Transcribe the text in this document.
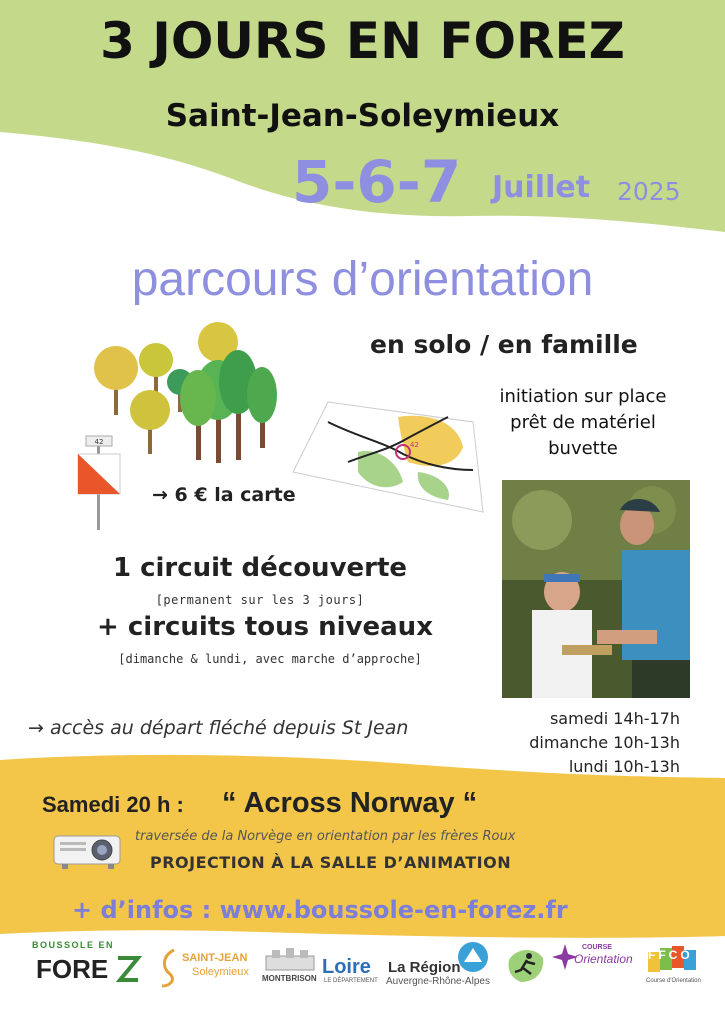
3 JOURS EN FOREZ
Saint-Jean-Soleymieux
5-6-7 Juillet 2025
parcours d’orientation
en solo / en famille
42	42
initiation sur place
prêt de matériel
buvette
→ 6 € la carte
1 circuit découverte
[permanent sur les 3 jours]
+ circuits tous niveaux
[dimanche & lundi, avec marche d’approche]
→ accès au départ fléché depuis St Jean	samedi 14h-17h
dimanche 10h-13h
lundi 10h-13h
Samedi 20 h : “ Across Norway “
traversée de la Norvège en orientation par les frères Roux
PROJECTION À LA SALLE D’ANIMATION
+ d’infos : www.boussole-en-forez.fr
BOUSSOLE EN
FORE	SAINT-JEAN
Soleymieux
MONTBRISON
Loire
LE DÉPARTEMENT
La Région
Auvergne-Rhône-Alpes
COURSE
Orientation FFCO
Course d'Orientation
